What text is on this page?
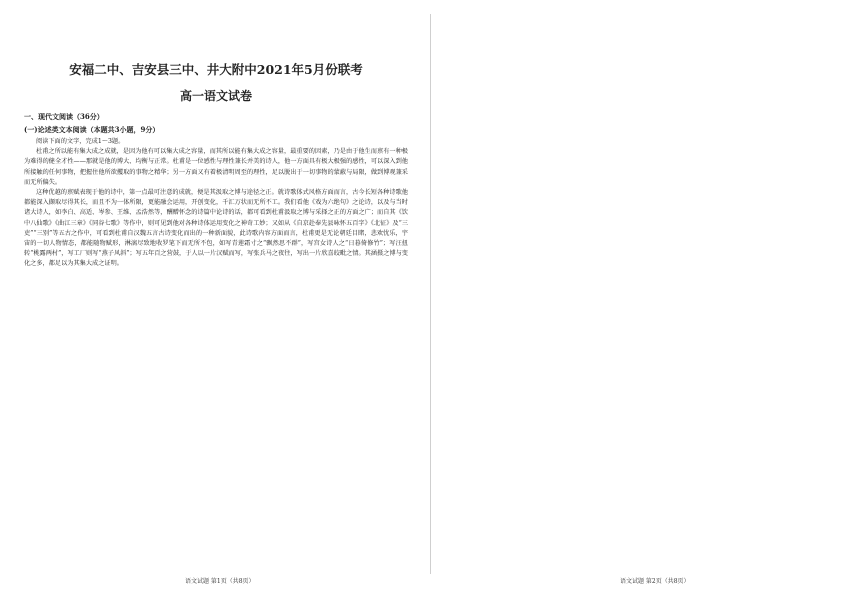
安福二中、吉安县三中、井大附中2021年5月份联考
高一语文试卷
一、现代文阅读（36分）
(一)论述类文本阅读（本题共3小题，9分）

阅读下面的文字，完成1～3题。

杜甫之所以能有集大成之成就，是因为他有可以集大成之容量，而其所以能有集大成之容量，最重要的因素，乃是由于他生而禀有一种极为难得的健全才性——那就是他的博大、均衡与正常。杜甫是一位感性与理性兼长并美的诗人，他一方面具有极大极强的感性，可以深入到他所接触的任何事物，把握住他所欲攫取的事物之精华；另一方面又有着极清明周至的理性，足以脱出于一切事物的蒙蔽与局限，做到博观兼采而无所偏失。

这种优越的禀赋表现于他的诗中，第一点最可注意的成就，便是其汲取之博与途径之正。就诗歌体式风格方面而言，古今长短各种诗歌他都能深入撷取尽得其长，而且不为一体所限，更能融会运用，开创变化，千汇万状而无所不工。我们看他《戏为六绝句》之论诗，以及与当时诸大诗人，如李白、高适、岑参、王维、孟浩然等，酬赠怀念的诗篇中论诗的话，都可看到杜甫汲取之博与采择之正的方面之广；而自其《饮中八仙歌》《曲江三章》《同谷七歌》等作中，则可见到他对各种诗体运用变化之神奇工妙；又如从《自京赴奉先县咏怀五百字》《北征》及“三吏”“三别”等五古之作中，可看到杜甫自汉魏五言古诗变化而出的一种新面貌，此诗歌内容方面而言，杜甫更是无论朝廷目睹，悲欢忧乐，宇宙的一切人物情态，都能随物赋形，淋漓尽致地收罗笔下而无所不包，如写青莲霜寸之“飘然思不群”，写宫女诗人之“日暮倚修竹”；写汪扭转“桃露两村”，写工厂则写“燕子风斜”；写五年百之营鼓，于人以一片汉赋而写，写张兵马之夜往，写出一片欣喜皎毗之情。其涵摄之博与变化之多，都足以为其集大成之证明。

语文试题 第1页（共8页）	语文试题 第2页（共8页）
